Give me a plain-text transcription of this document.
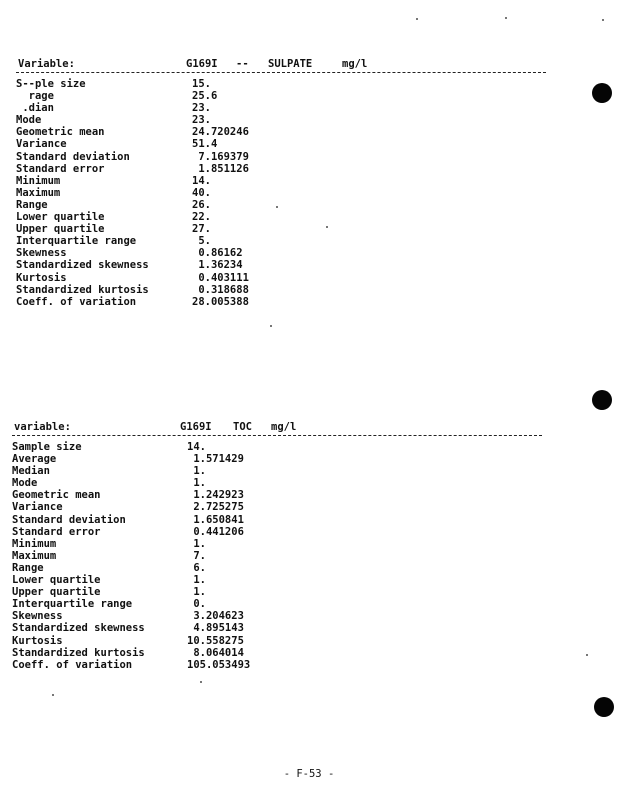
Variable:	G169I -- SULPATE	mg/l
S--ple size	15.
rage	25.6
.dian	23.
Mode	23.
Geometric mean	24.720246
Variance	51.4
Standard deviation	7.169379
Standard error	1.851126
Minimum	14.
Maximum	40.
Range	26.
Lower quartile	22.
Upper quartile	27.
Interquartile range	5.
Skewness	0.86162
Standardized skewness	1.36234
Kurtosis	0.403111
Standardized kurtosis	0.318688
Coeff. of variation	28.005388
variable:	G169I TOC mg/l
Sample size	14.
Average	1.571429
Median	1.
Mode	1.
Geometric mean	1.242923
Variance	2.725275
Standard deviation	1.650841
Standard error	0.441206
Minimum	1.
Maximum	7.
Range	6.
Lower quartile	1.
Upper quartile	1.
Interquartile range	0.
Skewness	3.204623
Standardized skewness	4.895143
Kurtosis	10.558275
Standardized kurtosis	8.064014
Coeff. of variation	105.053493
- F-53 -
